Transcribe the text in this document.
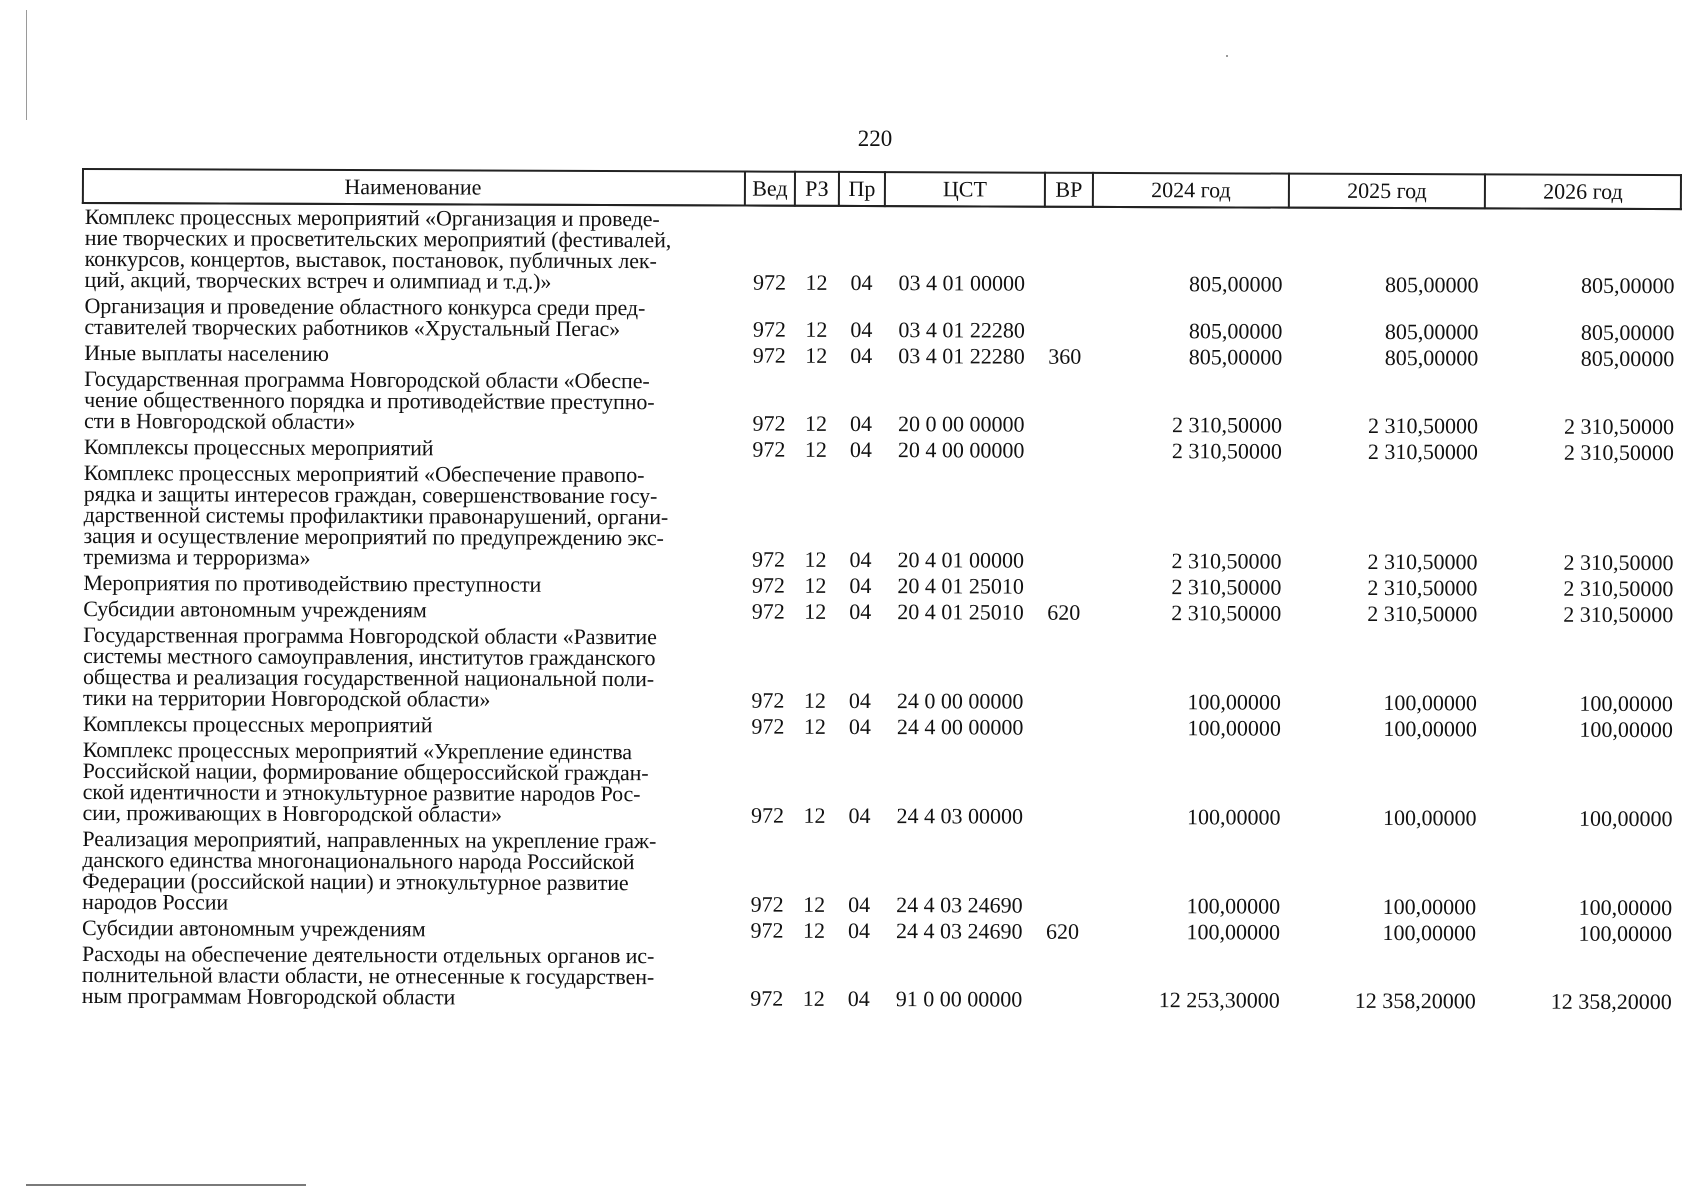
220
Наименование	Вед	РЗ	Пр	ЦСТ	ВР	2024 год	2025 год	2026 год

Комплекс процессных мероприятий «Организация и проведе-
ние творческих и просветительских мероприятий (фестивалей,
конкурсов, концертов, выставок, постановок, публичных лек-
ций, акций, творческих встреч и олимпиад и т.д.)»	972	12	04	03 4 01 00000		805,00000	805,00000	805,00000

Организация и проведение областного конкурса среди пред-
ставителей творческих работников «Хрустальный Пегас»	972	12	04	03 4 01 22280		805,00000	805,00000	805,00000

Иные выплаты населению	972	12	04	03 4 01 22280	360	805,00000	805,00000	805,00000

Государственная программа Новгородской области «Обеспе-
чение общественного порядка и противодействие преступно-
сти в Новгородской области»	972	12	04	20 0 00 00000		2 310,50000	2 310,50000	2 310,50000

Комплексы процессных мероприятий	972	12	04	20 4 00 00000		2 310,50000	2 310,50000	2 310,50000

Комплекс процессных мероприятий «Обеспечение правопо-
рядка и защиты интересов граждан, совершенствование госу-
дарственной системы профилактики правонарушений, органи-
зация и осуществление мероприятий по предупреждению экс-
тремизма и терроризма»	972	12	04	20 4 01 00000		2 310,50000	2 310,50000	2 310,50000

Мероприятия по противодействию преступности	972	12	04	20 4 01 25010		2 310,50000	2 310,50000	2 310,50000

Субсидии автономным учреждениям	972	12	04	20 4 01 25010	620	2 310,50000	2 310,50000	2 310,50000

Государственная программа Новгородской области «Развитие
системы местного самоуправления, институтов гражданского
общества и реализация государственной национальной поли-
тики на территории Новгородской области»	972	12	04	24 0 00 00000		100,00000	100,00000	100,00000

Комплексы процессных мероприятий	972	12	04	24 4 00 00000		100,00000	100,00000	100,00000

Комплекс процессных мероприятий «Укрепление единства
Российской нации, формирование общероссийской граждан-
ской идентичности и этнокультурное развитие народов Рос-
сии, проживающих в Новгородской области»	972	12	04	24 4 03 00000		100,00000	100,00000	100,00000

Реализация мероприятий, направленных на укрепление граж-
данского единства многонационального народа Российской
Федерации (российской нации) и этнокультурное развитие
народов России	972	12	04	24 4 03 24690		100,00000	100,00000	100,00000

Субсидии автономным учреждениям	972	12	04	24 4 03 24690	620	100,00000	100,00000	100,00000

Расходы на обеспечение деятельности отдельных органов ис-
полнительной власти области, не отнесенные к государствен-
ным программам Новгородской области	972	12	04	91 0 00 00000		12 253,30000	12 358,20000	12 358,20000
